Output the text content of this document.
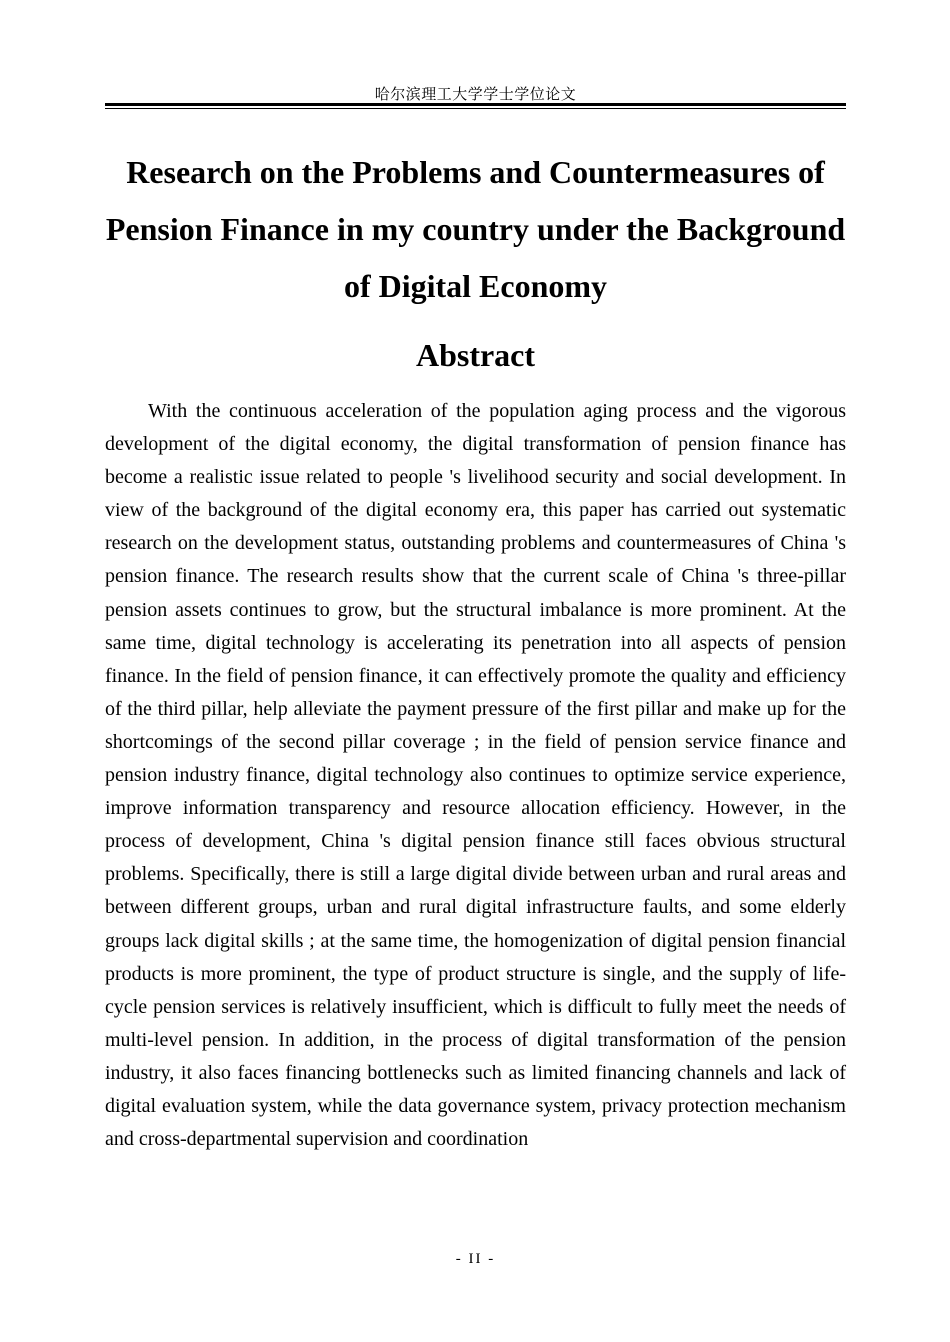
哈尔滨理工大学学士学位论文
Research on the Problems and Countermeasures of Pension Finance in my country under the Background of Digital Economy
Abstract

With the continuous acceleration of the population aging process and the vigorous development of the digital economy, the digital transformation of pension finance has become a realistic issue related to people 's livelihood security and social development. In view of the background of the digital economy era, this paper has carried out systematic research on the development status, outstanding problems and countermeasures of China 's pension finance. The research results show that the current scale of China 's three-pillar pension assets continues to grow, but the structural imbalance is more prominent. At the same time, digital technology is accelerating its penetration into all aspects of pension finance. In the field of pension finance, it can effectively promote the quality and efficiency of the third pillar, help alleviate the payment pressure of the first pillar and make up for the shortcomings of the second pillar coverage ; in the field of pension service finance and pension industry finance, digital technology also continues to optimize service experience, improve information transparency and resource allocation efficiency. However, in the process of development, China 's digital pension finance still faces obvious structural problems. Specifically, there is still a large digital divide between urban and rural areas and between different groups, urban and rural digital infrastructure faults, and some elderly groups lack digital skills ; at the same time, the homogenization of digital pension financial products is more prominent, the type of product structure is single, and the supply of life-cycle pension services is relatively insufficient, which is difficult to fully meet the needs of multi-level pension. In addition, in the process of digital transformation of the pension industry, it also faces financing bottlenecks such as limited financing channels and lack of digital evaluation system, while the data governance system, privacy protection mechanism and cross-departmental supervision and coordination

- II -
